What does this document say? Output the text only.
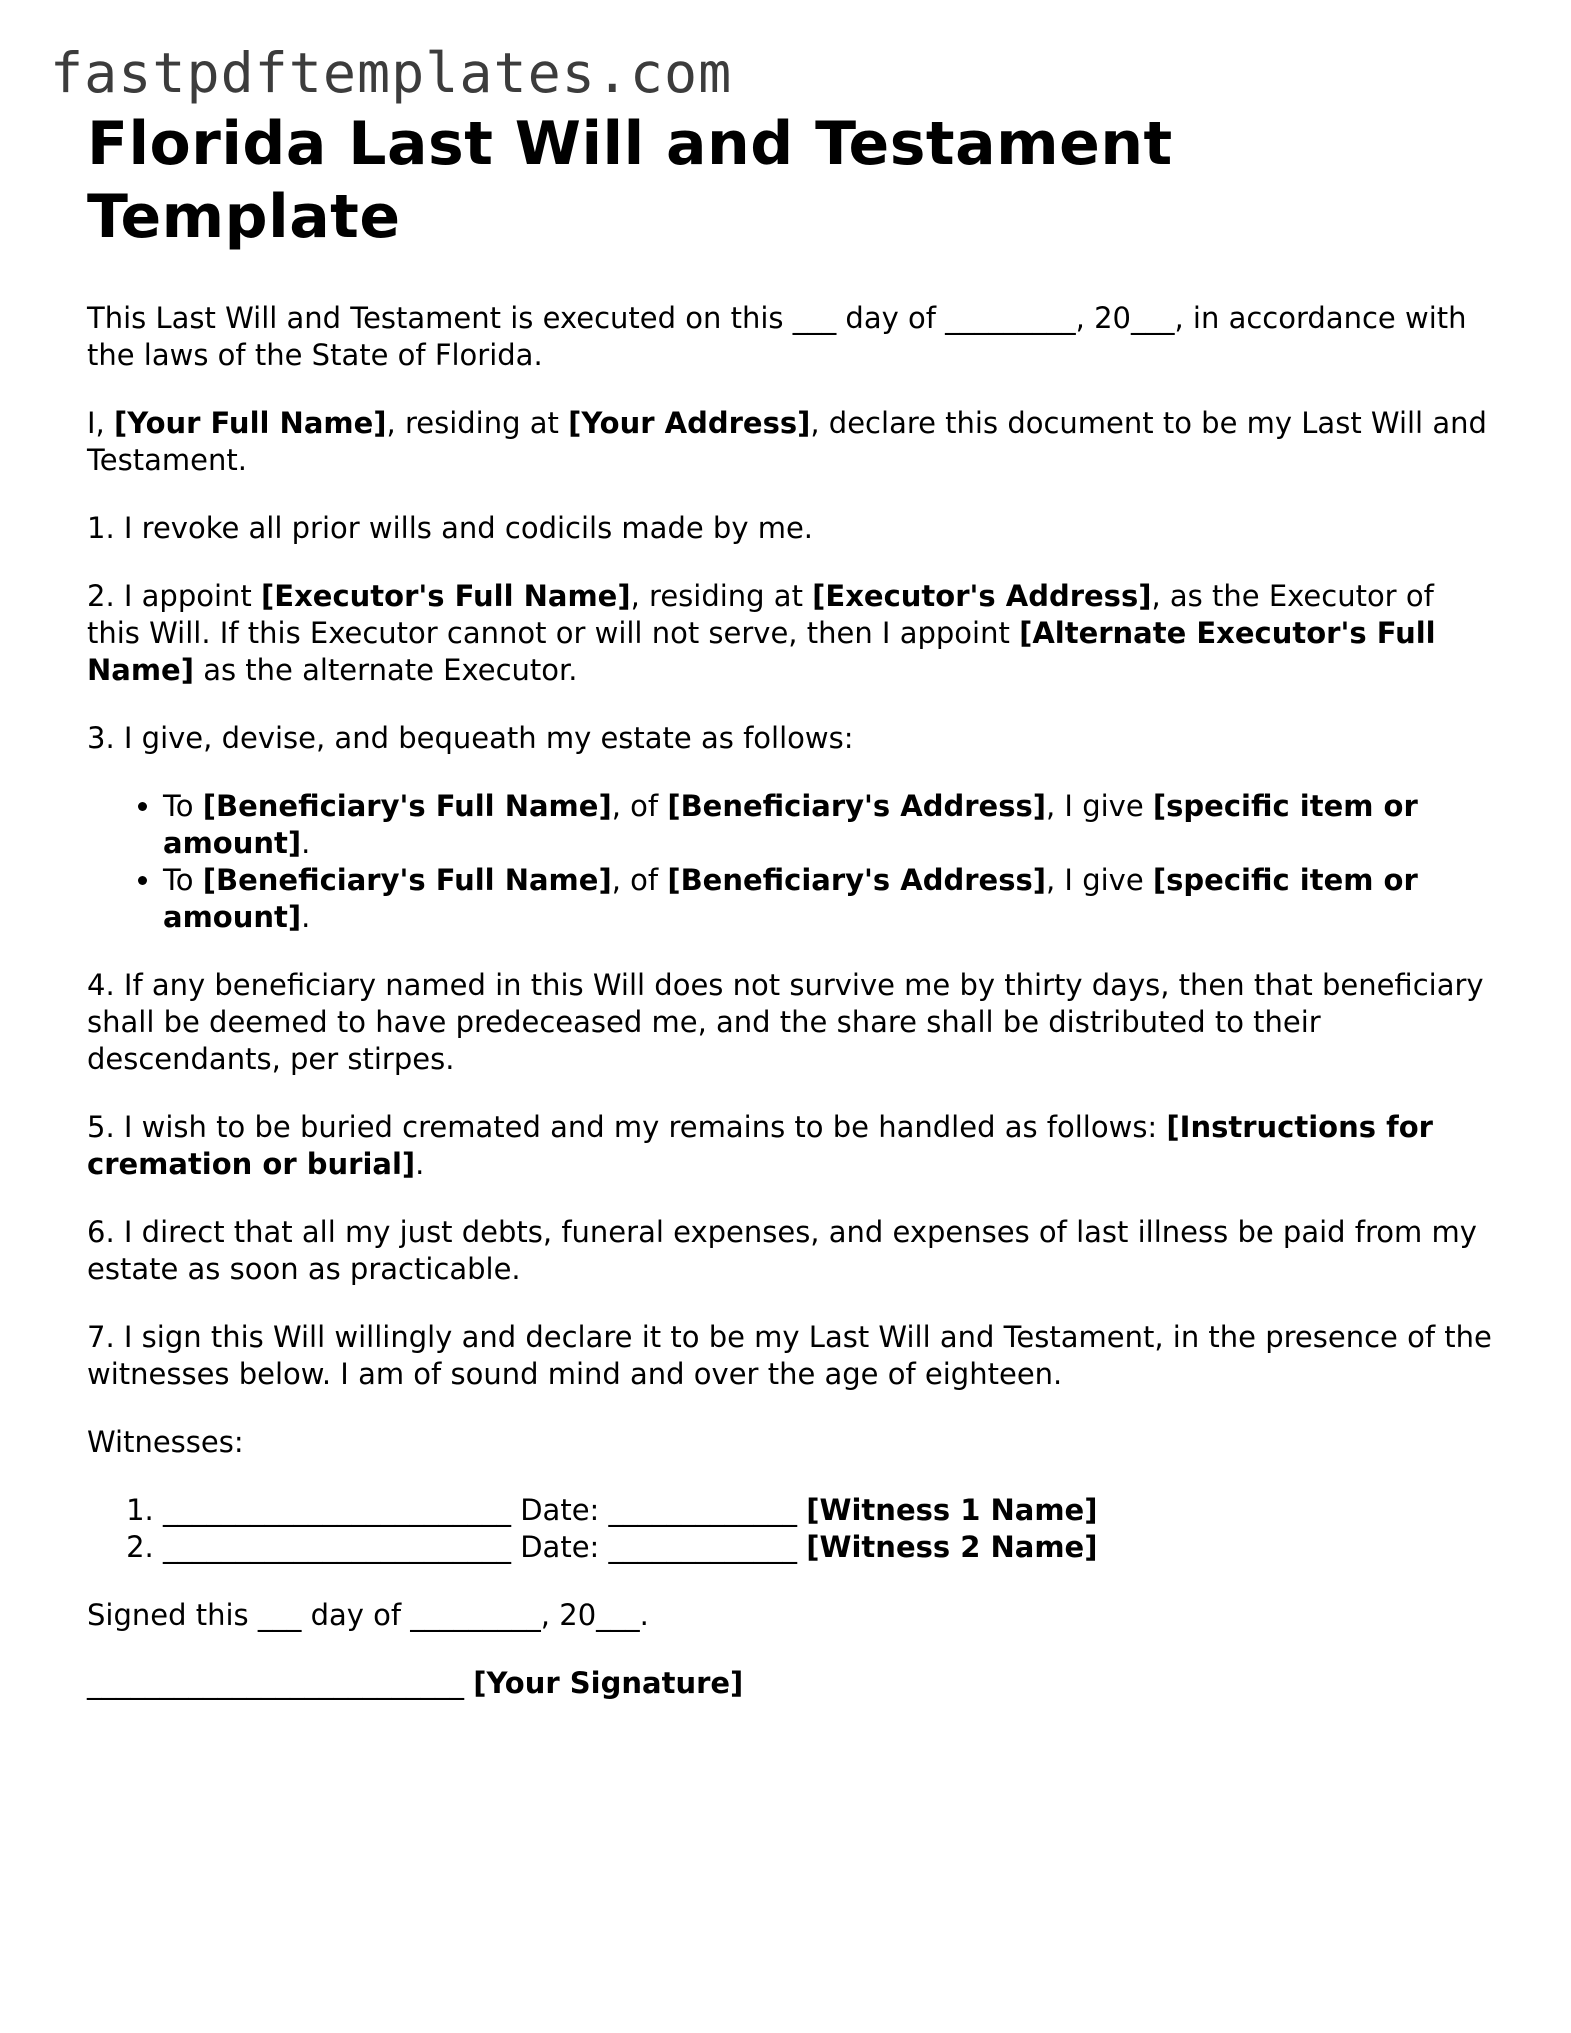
fastpdftemplates.com
Florida Last Will and Testament Template

This Last Will and Testament is executed on this ___ day of _________, 20___, in accordance with the laws of the State of Florida.

I, [Your Full Name], residing at [Your Address], declare this document to be my Last Will and Testament.

1. I revoke all prior wills and codicils made by me.

2. I appoint [Executor's Full Name], residing at [Executor's Address], as the Executor of this Will. If this Executor cannot or will not serve, then I appoint [Alternate Executor's Full Name] as the alternate Executor.

3. I give, devise, and bequeath my estate as follows:

• To [Beneficiary's Full Name], of [Beneficiary's Address], I give [specific item or amount].
• To [Beneficiary's Full Name], of [Beneficiary's Address], I give [specific item or amount].

4. If any beneficiary named in this Will does not survive me by thirty days, then that beneficiary shall be deemed to have predeceased me, and the share shall be distributed to their descendants, per stirpes.

5. I wish to be buried cremated and my remains to be handled as follows: [Instructions for cremation or burial].

6. I direct that all my just debts, funeral expenses, and expenses of last illness be paid from my estate as soon as practicable.

7. I sign this Will willingly and declare it to be my Last Will and Testament, in the presence of the witnesses below. I am of sound mind and over the age of eighteen.

Witnesses:

1. ________________________ Date: _____________ [Witness 1 Name]
2. ________________________ Date: _____________ [Witness 2 Name]

Signed this ___ day of _________, 20___.

__________________________ [Your Signature]
